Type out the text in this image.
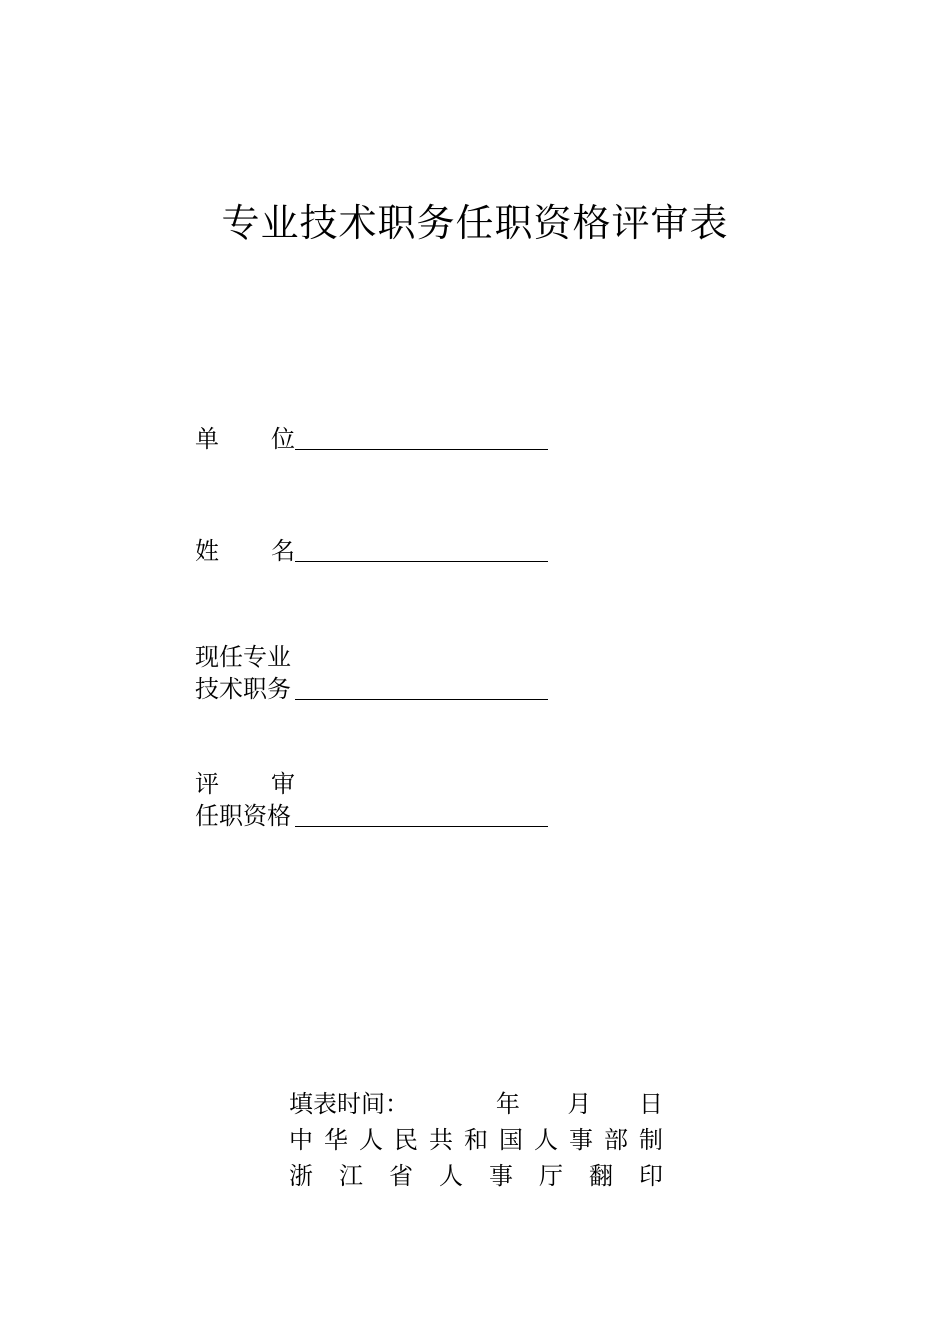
专业技术职务任职资格评审表
单 位
姓 名
现任专业
技术职务
评 审
任职资格
填表时间：	年	月	日
中 华 人 民 共 和 国 人 事 部 制
浙 江 省 人 事 厅 翻 印
